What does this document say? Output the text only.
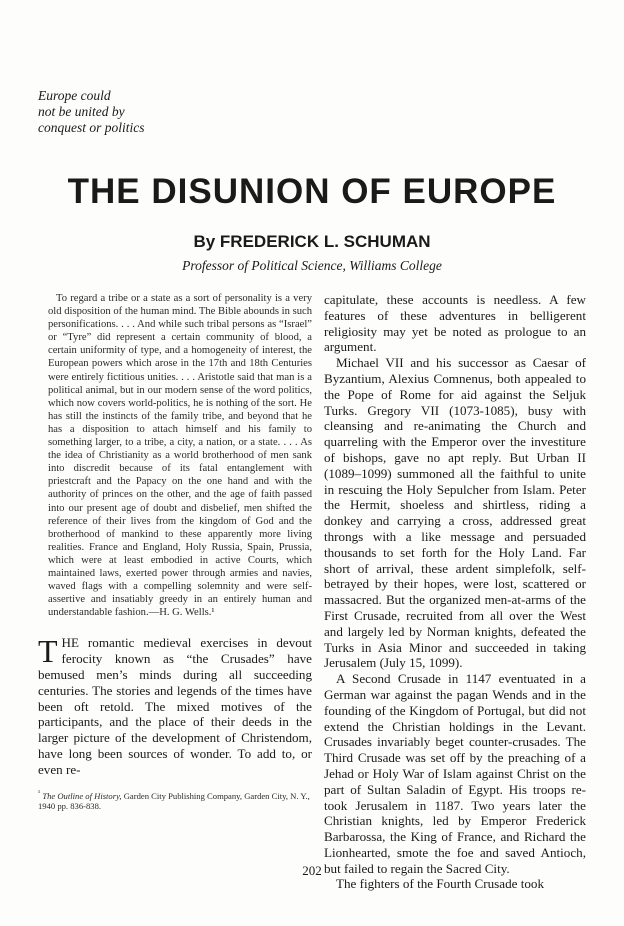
Europe could
not be united by
conquest or politics
THE DISUNION OF EUROPE
By FREDERICK L. SCHUMAN
Professor of Political Science, Williams College

To regard a tribe or a state as a sort of personality is a very old disposition of the human mind. The Bible abounds in such personifications. . . . And while such tribal persons as “Israel” or “Tyre” did represent a certain community of blood, a certain uniformity of type, and a homogeneity of interest, the European powers which arose in the 17th and 18th Centuries were entirely fictitious unities. . . . Aristotle said that man is a political animal, but in our modern sense of the word politics, which now covers world-politics, he is nothing of the sort. He has still the instincts of the family tribe, and beyond that he has a disposition to attach himself and his family to something larger, to a tribe, a city, a nation, or a state. . . . As the idea of Christianity as a world brotherhood of men sank into discredit because of its fatal entanglement with priestcraft and the Papacy on the one hand and with the authority of princes on the other, and the age of faith passed into our present age of doubt and disbelief, men shifted the reference of their lives from the kingdom of God and the brotherhood of mankind to these apparently more living realities. France and England, Holy Russia, Spain, Prussia, which were at least embodied in active Courts, which maintained laws, exerted power through armies and navies, waved flags with a compelling solemnity and were self-assertive and insatiably greedy in an entirely human and understandable fashion.—H. G. Wells.¹

THE romantic medieval exercises in devout ferocity known as “the Crusades” have bemused men’s minds during all succeeding centuries. The stories and legends of the times have been oft retold. The mixed motives of the participants, and the place of their deeds in the larger picture of the development of Christendom, have long been sources of wonder. To add to, or even re-

$^{^1}$ The Outline of History, Garden City Publishing Company, Garden City, N. Y., 1940 pp. 836-838.

capitulate, these accounts is needless. A few features of these adventures in belligerent religiosity may yet be noted as prologue to an argument.

Michael VII and his successor as Caesar of Byzantium, Alexius Comnenus, both appealed to the Pope of Rome for aid against the Seljuk Turks. Gregory VII (1073-1085), busy with cleansing and re-animating the Church and quarreling with the Emperor over the investiture of bishops, gave no apt reply. But Urban II (1089–1099) summoned all the faithful to unite in rescuing the Holy Sepulcher from Islam. Peter the Hermit, shoeless and shirtless, riding a donkey and carrying a cross, addressed great throngs with a like message and persuaded thousands to set forth for the Holy Land. Far short of arrival, these ardent simplefolk, self-betrayed by their hopes, were lost, scattered or massacred. But the organized men-at-arms of the First Crusade, recruited from all over the West and largely led by Norman knights, defeated the Turks in Asia Minor and succeeded in taking Jerusalem (July 15, 1099).

A Second Crusade in 1147 eventuated in a German war against the pagan Wends and in the founding of the Kingdom of Portugal, but did not extend the Christian holdings in the Levant. Crusades invariably beget counter-crusades. The Third Crusade was set off by the preaching of a Jehad or Holy War of Islam against Christ on the part of Sultan Saladin of Egypt. His troops re-took Jerusalem in 1187. Two years later the Christian knights, led by Emperor Frederick Barbarossa, the King of France, and Richard the Lionhearted, smote the foe and saved Antioch, but failed to regain the Sacred City.

The fighters of the Fourth Crusade took

202
